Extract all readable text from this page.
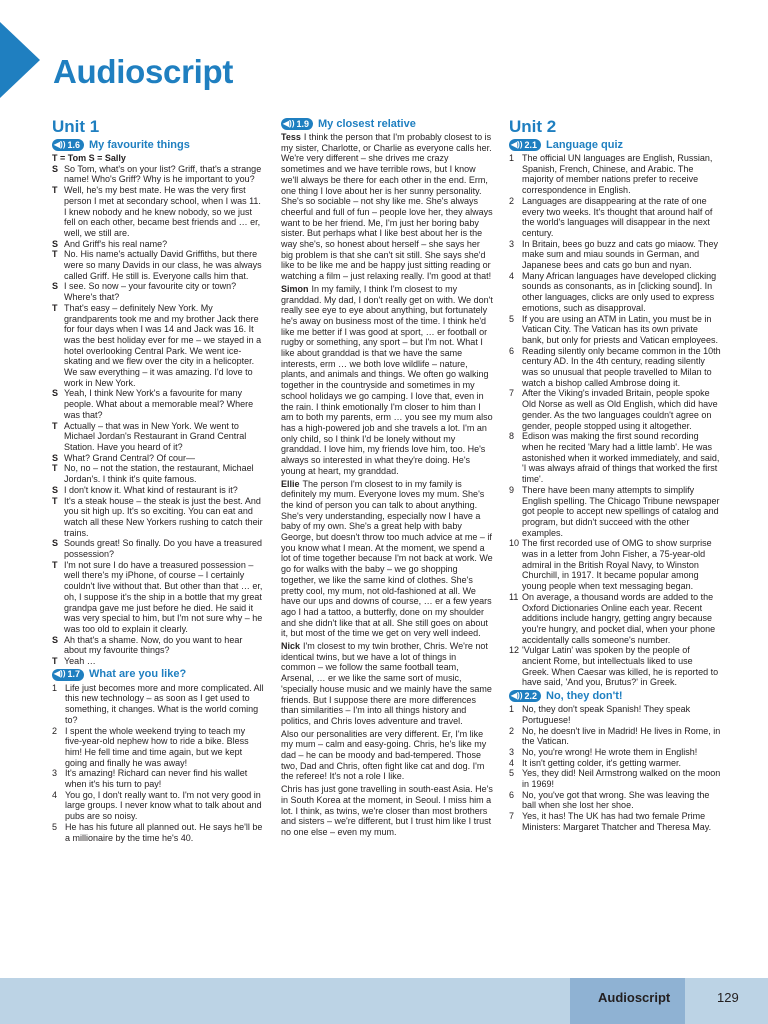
Audioscript
Unit 1
◀)) 1.6 My favourite things
T = Tom S = Sally
S So Tom, what's on your list? Griff, that's a strange name! Who's Griff? Why is he important to you?
T Well, he's my best mate. He was the very first person I met at secondary school, when I was 11. I knew nobody and he knew nobody, so we just fell on each other, became best friends and … er, well, we still are.
S And Griff's his real name?
T No. His name's actually David Griffiths, but there were so many Davids in our class, he was always called Griff. He still is. Everyone calls him that.
S I see. So now – your favourite city or town? Where's that?
T That's easy – definitely New York. My grandparents took me and my brother Jack there for four days when I was 14 and Jack was 16. It was the best holiday ever for me – we stayed in a hotel overlooking Central Park. We went ice-skating and we flew over the city in a helicopter. We saw everything – it was amazing. I'd love to work in New York.
S Yeah, I think New York's a favourite for many people. What about a memorable meal? Where was that?
T Actually – that was in New York. We went to Michael Jordan's Restaurant in Grand Central Station. Have you heard of it?
S What? Grand Central? Of cour—
T No, no – not the station, the restaurant, Michael Jordan's. I think it's quite famous.
S I don't know it. What kind of restaurant is it?
T It's a steak house – the steak is just the best. And you sit high up. It's so exciting. You can eat and watch all these New Yorkers rushing to catch their trains.
S Sounds great! So finally. Do you have a treasured possession?
T I'm not sure I do have a treasured possession – well there's my iPhone, of course – I certainly couldn't live without that. But other than that … er, oh, I suppose it's the ship in a bottle that my great grandpa gave me just before he died. He said it was very special to him, but I'm not sure why – he was too old to explain it clearly.
S Ah that's a shame. Now, do you want to hear about my favourite things?
T Yeah …
◀)) 1.7 What are you like?
1 Life just becomes more and more complicated. All this new technology – as soon as I get used to something, it changes. What is the world coming to?
2 I spent the whole weekend trying to teach my five-year-old nephew how to ride a bike. Bless him! He fell time and time again, but we kept going and finally he was away!
3 It's amazing! Richard can never find his wallet when it's his turn to pay!
4 You go, I don't really want to. I'm not very good in large groups. I never know what to talk about and pubs are so noisy.
5 He has his future all planned out. He says he'll be a millionaire by the time he's 40.
◀)) 1.9 My closest relative

Tess I think the person that I'm probably closest to is my sister, Charlotte, or Charlie as everyone calls her. We're very different – she drives me crazy sometimes and we have terrible rows, but I know we'll always be there for each other in the end. Erm, one thing I love about her is her sunny personality. She's so sociable – not shy like me. She's always cheerful and full of fun – people love her, they always want to be her friend. Me, I'm just her boring baby sister. But perhaps what I like best about her is the way she's, so honest about herself – she says her big problem is that she can't sit still. She says she'd like to be like me and be happy just sitting reading or watching a film – just relaxing really. I'm good at that!

Simon In my family, I think I'm closest to my granddad. My dad, I don't really get on with. We don't really see eye to eye about anything, but fortunately he's away on business most of the time. I think he'd like me better if I was good at sport, … er football or rugby or something, any sport – but I'm not. What I like about granddad is that we have the same interests, erm … we both love wildlife – nature, plants, and animals and things. We often go walking together in the countryside and sometimes in my school holidays we go camping. I love that, even in the rain. I think emotionally I'm closer to him than I am to both my parents, erm … you see my mum also has a high-powered job and she travels a lot. I'm an only child, so I think I'd be lonely without my granddad. I love him, my friends love him, too. He's always so interested in what they're doing. He's young at heart, my granddad.

Ellie The person I'm closest to in my family is definitely my mum. Everyone loves my mum. She's the kind of person you can talk to about anything. She's very understanding, especially now I have a baby of my own. She's a great help with baby George, but doesn't throw too much advice at me – if you know what I mean. At the moment, we spend a lot of time together because I'm not back at work. We go for walks with the baby – we go shopping together, we like the same kind of clothes. She's pretty cool, my mum, not old-fashioned at all. We have our ups and downs of course, … er a few years ago I had a tattoo, a butterfly, done on my shoulder and she didn't like that at all. She still goes on about it, but most of the time we get on very well indeed.

Nick I'm closest to my twin brother, Chris. We're not identical twins, but we have a lot of things in common – we follow the same football team, Arsenal, … er we like the same sort of music, 'specially house music and we mainly have the same friends. But I suppose there are more differences than similarities – I'm into all things history and politics, and Chris loves adventure and travel.

Also our personalities are very different. Er, I'm like my mum – calm and easy-going. Chris, he's like my dad – he can be moody and bad-tempered. Those two, Dad and Chris, often fight like cat and dog. I'm the referee! It's not a role I like.

Chris has just gone travelling in south-east Asia. He's in South Korea at the moment, in Seoul. I miss him a lot. I think, as twins, we're closer than most brothers and sisters – we're different, but I trust him like I trust no one else – even my mum.

Unit 2
◀)) 2.1 Language quiz
1 The official UN languages are English, Russian, Spanish, French, Chinese, and Arabic. The majority of member nations prefer to receive correspondence in English.
2 Languages are disappearing at the rate of one every two weeks. It's thought that around half of the world's languages will disappear in the next century.
3 In Britain, bees go buzz and cats go miaow. They make sum and miau sounds in German, and Japanese bees and cats go bun and nyan.
4 Many African languages have developed clicking sounds as consonants, as in [clicking sound]. In other languages, clicks are only used to express emotions, such as disapproval.
5 If you are using an ATM in Latin, you must be in Vatican City. The Vatican has its own private bank, but only for priests and Vatican employees.
6 Reading silently only became common in the 10th century AD. In the 4th century, reading silently was so unusual that people travelled to Milan to watch a bishop called Ambrose doing it.
7 After the Viking's invaded Britain, people spoke Old Norse as well as Old English, which did have gender. As the two languages couldn't agree on gender, people stopped using it altogether.
8 Edison was making the first sound recording when he recited 'Mary had a little lamb'. He was astonished when it worked immediately, and said, 'I was always afraid of things that worked the first time'.
9 There have been many attempts to simplify English spelling. The Chicago Tribune newspaper got people to accept new spellings of catalog and program, but didn't succeed with the other examples.
10 The first recorded use of OMG to show surprise was in a letter from John Fisher, a 75-year-old admiral in the British Royal Navy, to Winston Churchill, in 1917. It became popular among young people when text messaging began.
11 On average, a thousand words are added to the Oxford Dictionaries Online each year. Recent additions include hangry, getting angry because you're hungry, and pocket dial, when your phone accidentally calls someone's number.
12 'Vulgar Latin' was spoken by the people of ancient Rome, but intellectuals liked to use Greek. When Caesar was killed, he is reported to have said, 'And you, Brutus?' in Greek.
◀)) 2.2 No, they don't!
1 No, they don't speak Spanish! They speak Portuguese!
2 No, he doesn't live in Madrid! He lives in Rome, in the Vatican.
3 No, you're wrong! He wrote them in English!
4 It isn't getting colder, it's getting warmer.
5 Yes, they did! Neil Armstrong walked on the moon in 1969!
6 No, you've got that wrong. She was leaving the ball when she lost her shoe.
7 Yes, it has! The UK has had two female Prime Ministers: Margaret Thatcher and Theresa May.
Audioscript	129
